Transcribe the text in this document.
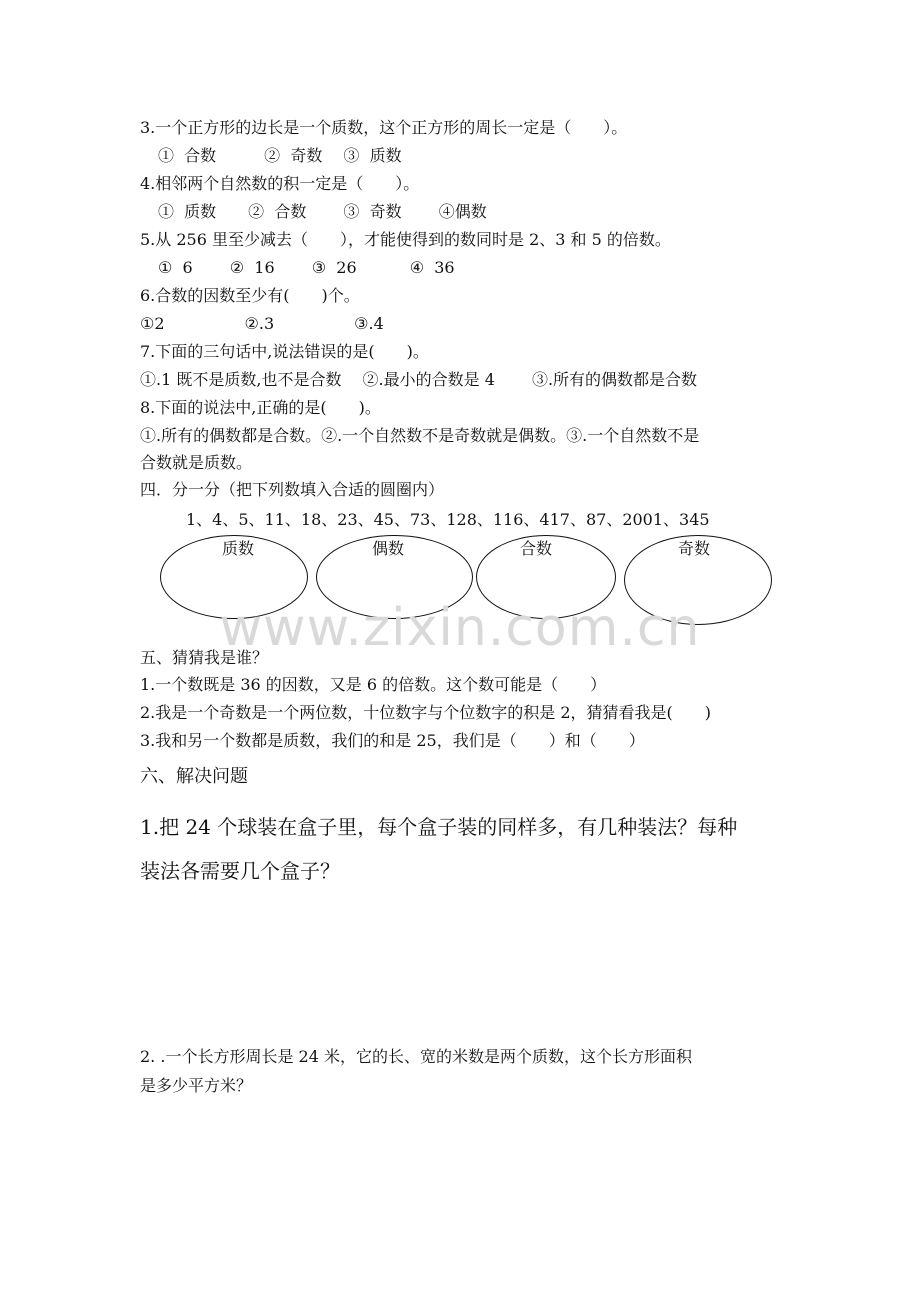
3.一个正方形的边长是一个质数，这个正方形的周长一定是（　　）。
①  合数　　　②  奇数　 ③  质数
4.相邻两个自然数的积一定是（　　）。
①  质数　　②  合数　　 ③  奇数　　 ④偶数
5.从 256 里至少减去（　　），才能使得到的数同时是 2、3 和 5 的倍数。
①  6　　 ②  16　　 ③  26　　　 ④  36
6.合数的因数至少有(　　)个。
①2　　　　　②.3　　　　　③.4
7.下面的三句话中,说法错误的是(　　)。
①.1 既不是质数,也不是合数　 ②.最小的合数是 4　　 ③.所有的偶数都是合数
8.下面的说法中,正确的是(　　)。
①.所有的偶数都是合数。②.一个自然数不是奇数就是偶数。③.一个自然数不是
合数就是质数。
四．分一分（把下列数填入合适的圆圈内）
1、4、5、11、18、23、45、73、128、116、417、87、2001、345
质数	偶数	合数	奇数
www.zixin.com.cn
五、猜猜我是谁？
1.一个数既是 36 的因数，又是 6 的倍数。这个数可能是（　　）
2.我是一个奇数是一个两位数，十位数字与个位数字的积是 2，猜猜看我是(　　)
3.我和另一个数都是质数，我们的和是 25，我们是（　　）和（　　）
六、解决问题
1.把 24 个球装在盒子里，每个盒子装的同样多，有几种装法？每种
装法各需要几个盒子？
2. .一个长方形周长是 24 米，它的长、宽的米数是两个质数，这个长方形面积
是多少平方米？
